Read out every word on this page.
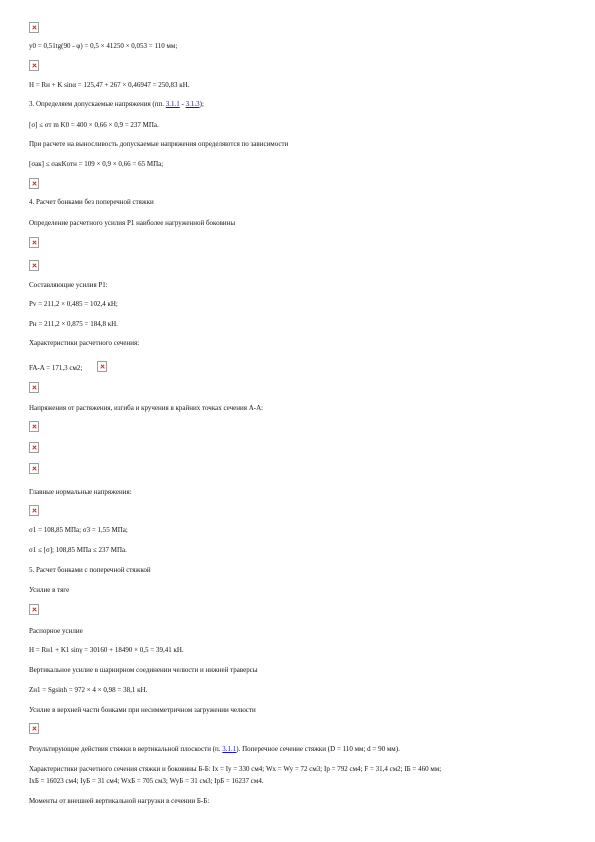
y0 = 0,51tg(90 - φ) = 0,5 × 41250 × 0,053 = 110 мм;
H = Rн + K sinα = 125,47 + 267 × 0,46947 = 250,83 кН.
3. Определяем допускаемые напряжения (пп. 3.1.1 - 3.1.3);
[σ] ≤ σт m K0 = 400 × 0,66 × 0,9 = 237 МПа.
При расчете на выносливость допускаемые напряжения определяются по зависимости
[σак] ≤ σакKотн = 109 × 0,9 × 0,66 = 65 МПа;
4. Расчет бонками без поперечной стяжки
Определение расчетного усилия P1 наиболее нагруженной боковины
Составляющие усилия P1:
Pv = 211,2 × 0,485 = 102,4 кН;
Pн = 211,2 × 0,875 = 184,8 кН.
Характеристики расчетного сечения:
FA-A = 171,3 см2;
Напряжения от растяжения, изгиба и кручения в крайних точках сечения A-A:
Главные нормальные напряжения:
σ1 = 108,85 МПа; σ3 = 1,55 МПа;
σ1 ≤ [σ]; 108,85 МПа ≤ 237 МПа.
5. Расчет бонками с поперечной стяжкой
Усилие в тяге
Распорное усилие
H = Rн1 + K1 sinγ = 30160 + 18490 × 0,5 = 39,41 кН.
Вертикальное усилие в шарнирном соединении челюсти и нижней траверсы
Zн1 = Sgsinh = 972 × 4 × 0,98 = 38,1 кН.
Усилие в верхней части бонками при несимметричном загружении челюсти
Результирующие действия стяжки в вертикальной плоскости (п. 3.1.1). Поперечное сечение стяжки (D = 110 мм; d = 90 мм).
Характеристики расчетного сечения стяжки и боковины Б-Б: Ix = Iy = 330 см4; Wx = Wy = 72 см3; Ip = 792 см4; F = 31,4 см2; IБ = 460 мм;
IxБ = 16023 см4; IyБ = 31 см4; WxБ = 705 см3; WyБ = 31 см3; IpБ = 16237 см4.
Моменты от внешней вертикальной нагрузки в сечении Б-Б:
